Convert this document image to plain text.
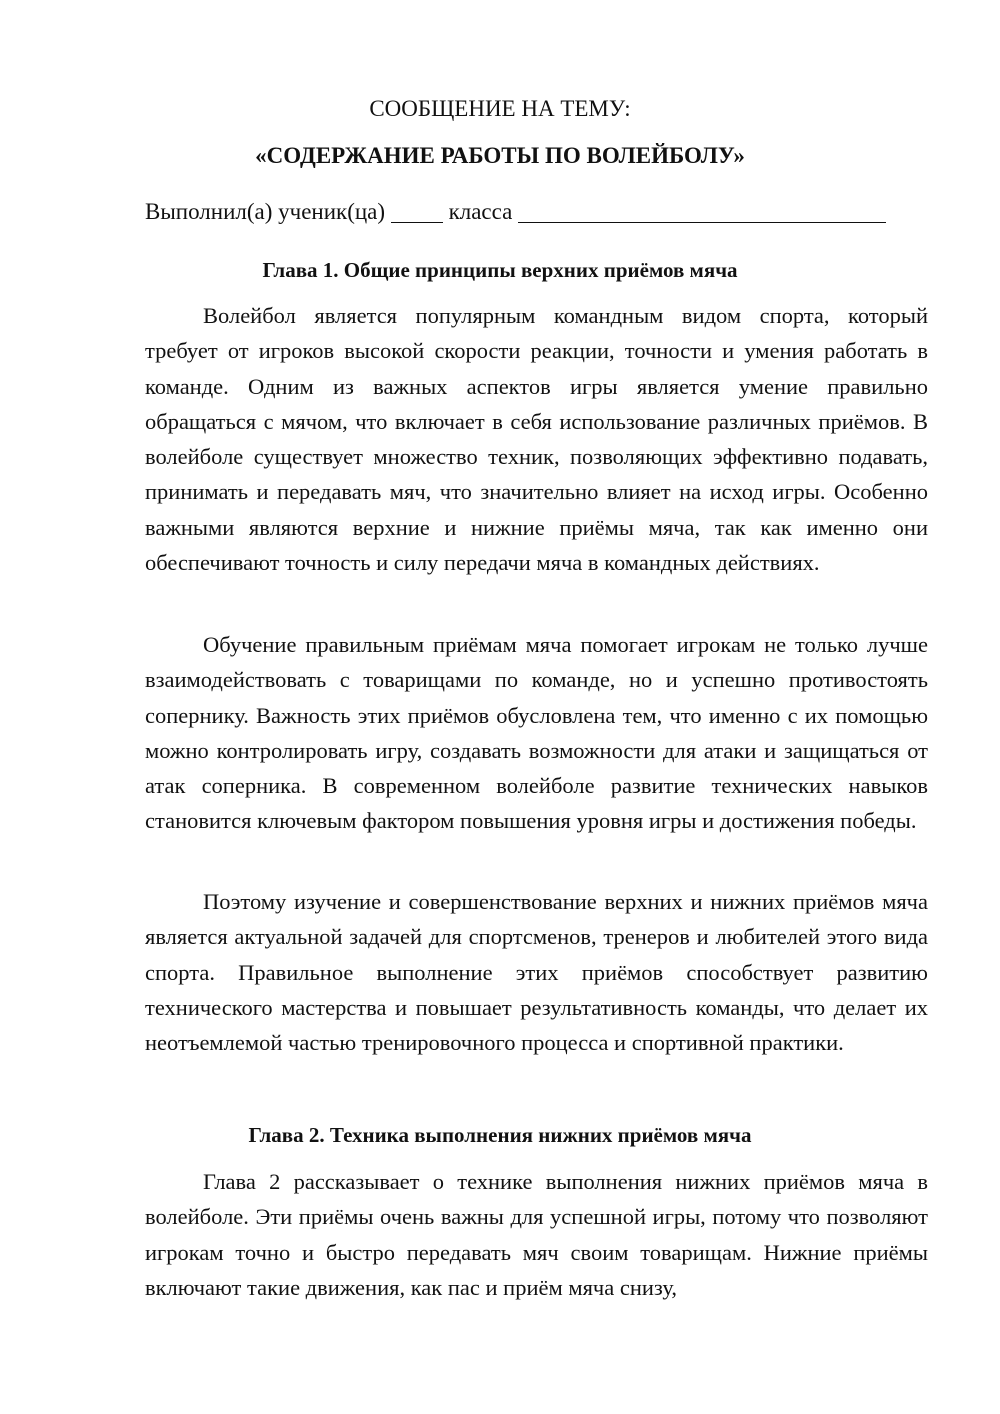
СООБЩЕНИЕ НА ТЕМУ:
«СОДЕРЖАНИЕ РАБОТЫ ПО ВОЛЕЙБОЛУ»
Выполнил(а) ученик(ца)	класса
Глава 1. Общие принципы верхних приёмов мяча

Волейбол является популярным командным видом спорта, который требует от игроков высокой скорости реакции, точности и умения работать в команде. Одним из важных аспектов игры является умение правильно обращаться с мячом, что включает в себя использование различных приёмов. В волейболе существует множество техник, позволяющих эффективно подавать, принимать и передавать мяч, что значительно влияет на исход игры. Особенно важными являются верхние и нижние приёмы мяча, так как именно они обеспечивают точность и силу передачи мяча в командных действиях.

Обучение правильным приёмам мяча помогает игрокам не только лучше взаимодействовать с товарищами по команде, но и успешно противостоять сопернику. Важность этих приёмов обусловлена тем, что именно с их помощью можно контролировать игру, создавать возможности для атаки и защищаться от атак соперника. В современном волейболе развитие технических навыков становится ключевым фактором повышения уровня игры и достижения победы.

Поэтому изучение и совершенствование верхних и нижних приёмов мяча является актуальной задачей для спортсменов, тренеров и любителей этого вида спорта. Правильное выполнение этих приёмов способствует развитию технического мастерства и повышает результативность команды, что делает их неотъемлемой частью тренировочного процесса и спортивной практики.

Глава 2. Техника выполнения нижних приёмов мяча

Глава 2 рассказывает о технике выполнения нижних приёмов мяча в волейболе. Эти приёмы очень важны для успешной игры, потому что позволяют игрокам точно и быстро передавать мяч своим товарищам. Нижние приёмы включают такие движения, как пас и приём мяча снизу,
